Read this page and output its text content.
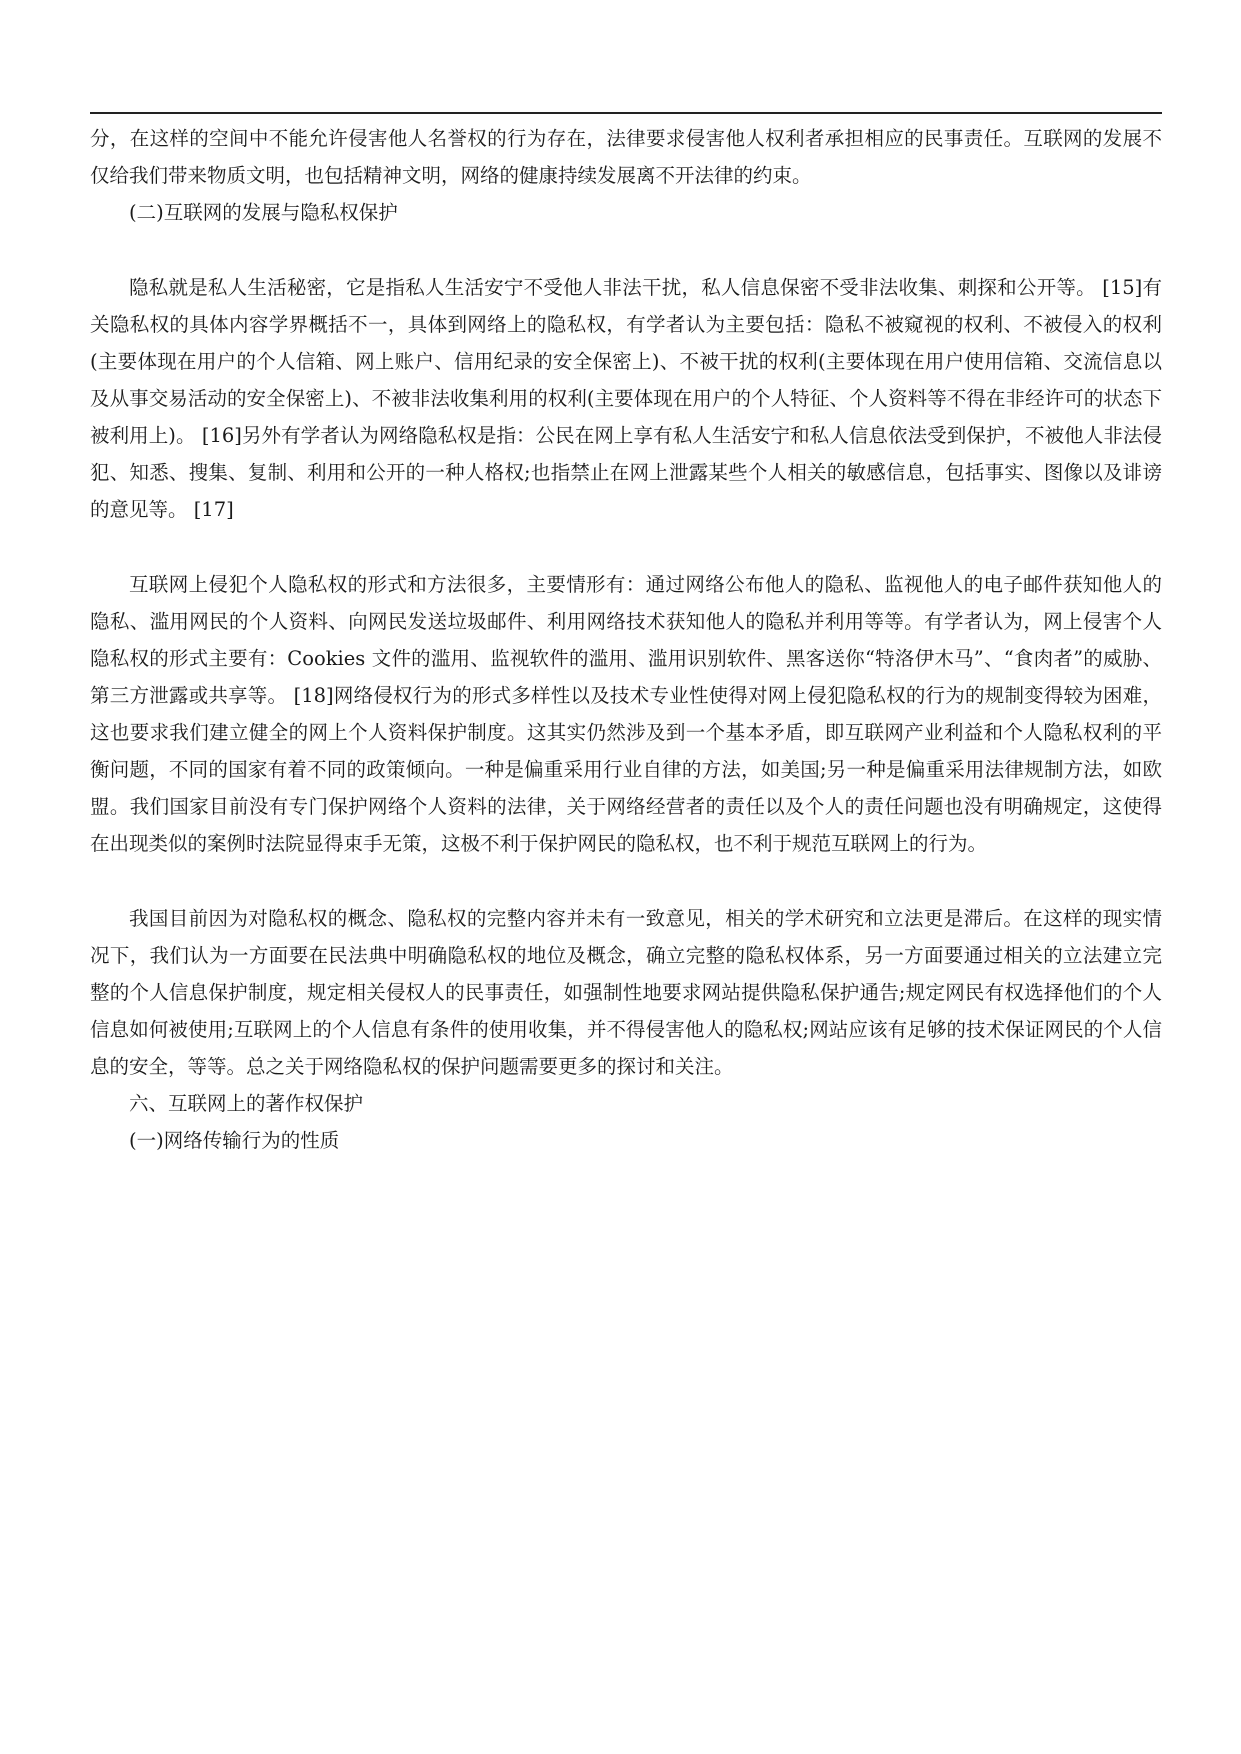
分，在这样的空间中不能允许侵害他人名誉权的行为存在，法律要求侵害他人权利者承担相应的民事责任。互联网的发展不仅给我们带来物质文明，也包括精神文明，网络的健康持续发展离不开法律的约束。

(二)互联网的发展与隐私权保护

隐私就是私人生活秘密，它是指私人生活安宁不受他人非法干扰，私人信息保密不受非法收集、刺探和公开等。 [15]有关隐私权的具体内容学界概括不一，具体到网络上的隐私权，有学者认为主要包括：隐私不被窥视的权利、不被侵入的权利(主要体现在用户的个人信箱、网上账户、信用纪录的安全保密上)、不被干扰的权利(主要体现在用户使用信箱、交流信息以及从事交易活动的安全保密上)、不被非法收集利用的权利(主要体现在用户的个人特征、个人资料等不得在非经许可的状态下被利用上)。 [16]另外有学者认为网络隐私权是指：公民在网上享有私人生活安宁和私人信息依法受到保护，不被他人非法侵犯、知悉、搜集、复制、利用和公开的一种人格权;也指禁止在网上泄露某些个人相关的敏感信息，包括事实、图像以及诽谤的意见等。 [17]

互联网上侵犯个人隐私权的形式和方法很多，主要情形有：通过网络公布他人的隐私、监视他人的电子邮件获知他人的隐私、滥用网民的个人资料、向网民发送垃圾邮件、利用网络技术获知他人的隐私并利用等等。有学者认为，网上侵害个人隐私权的形式主要有：Cookies 文件的滥用、监视软件的滥用、滥用识别软件、黑客送你“特洛伊木马”、“食肉者”的威胁、第三方泄露或共享等。 [18]网络侵权行为的形式多样性以及技术专业性使得对网上侵犯隐私权的行为的规制变得较为困难，这也要求我们建立健全的网上个人资料保护制度。这其实仍然涉及到一个基本矛盾，即互联网产业利益和个人隐私权利的平衡问题，不同的国家有着不同的政策倾向。一种是偏重采用行业自律的方法，如美国;另一种是偏重采用法律规制方法，如欧盟。我们国家目前没有专门保护网络个人资料的法律，关于网络经营者的责任以及个人的责任问题也没有明确规定，这使得在出现类似的案例时法院显得束手无策，这极不利于保护网民的隐私权，也不利于规范互联网上的行为。

我国目前因为对隐私权的概念、隐私权的完整内容并未有一致意见，相关的学术研究和立法更是滞后。在这样的现实情况下，我们认为一方面要在民法典中明确隐私权的地位及概念，确立完整的隐私权体系，另一方面要通过相关的立法建立完整的个人信息保护制度，规定相关侵权人的民事责任，如强制性地要求网站提供隐私保护通告;规定网民有权选择他们的个人信息如何被使用;互联网上的个人信息有条件的使用收集，并不得侵害他人的隐私权;网站应该有足够的技术保证网民的个人信息的安全，等等。总之关于网络隐私权的保护问题需要更多的探讨和关注。

六、互联网上的著作权保护

(一)网络传输行为的性质
